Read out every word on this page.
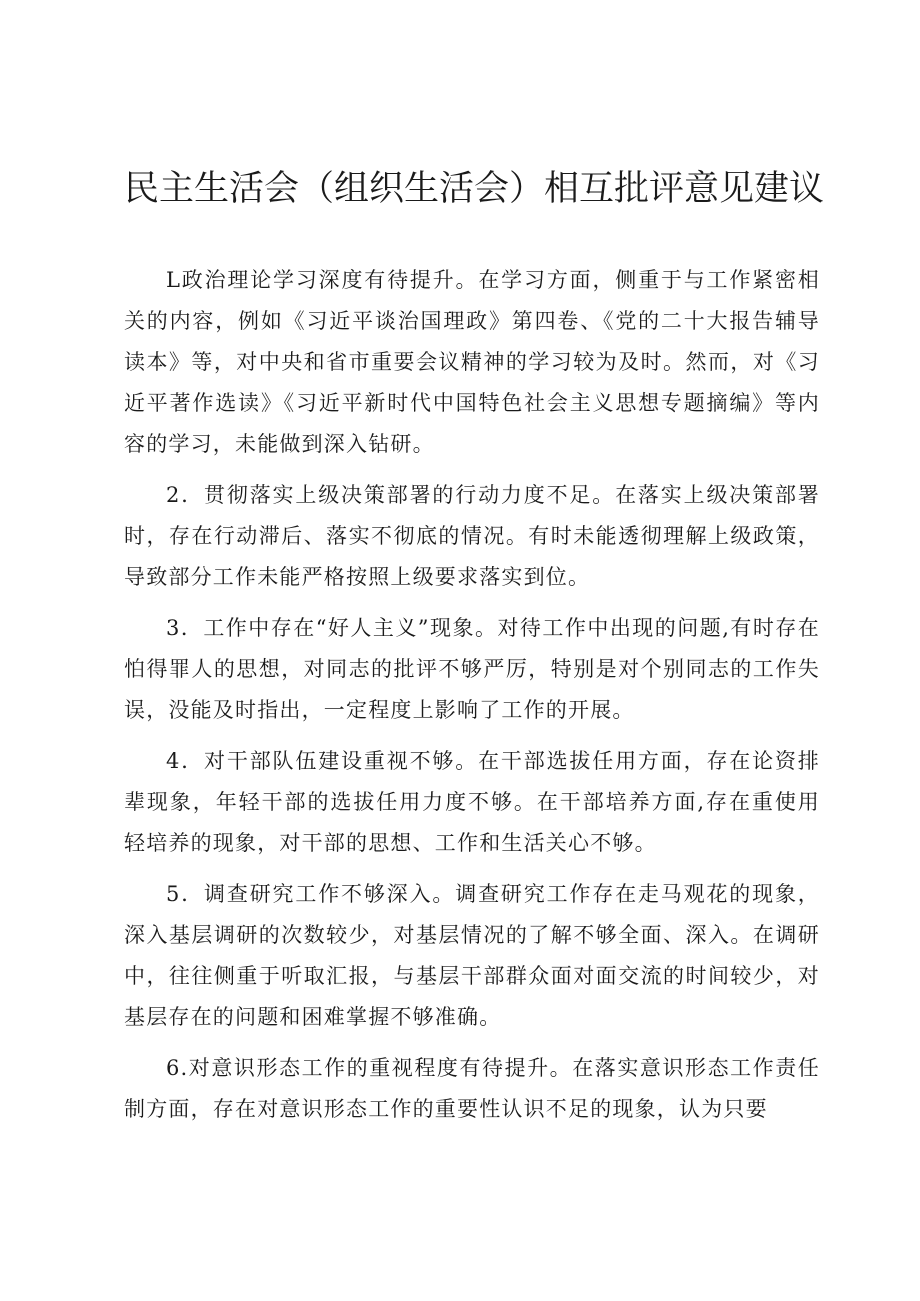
民主生活会（组织生活会）相互批评意见建议

L政治理论学习深度有待提升。在学习方面，侧重于与工作紧密相关的内容，例如《习近平谈治国理政》第四卷、《党的二十大报告辅导读本》等，对中央和省市重要会议精神的学习较为及时。然而，对《习近平著作选读》《习近平新时代中国特色社会主义思想专题摘编》等内容的学习，未能做到深入钻研。

2．贯彻落实上级决策部署的行动力度不足。在落实上级决策部署时，存在行动滞后、落实不彻底的情况。有时未能透彻理解上级政策，导致部分工作未能严格按照上级要求落实到位。

3．工作中存在“好人主义”现象。对待工作中出现的问题,有时存在怕得罪人的思想，对同志的批评不够严厉，特别是对个别同志的工作失误，没能及时指出，一定程度上影响了工作的开展。

4．对干部队伍建设重视不够。在干部选拔任用方面，存在论资排辈现象，年轻干部的选拔任用力度不够。在干部培养方面,存在重使用轻培养的现象，对干部的思想、工作和生活关心不够。

5．调查研究工作不够深入。调查研究工作存在走马观花的现象，深入基层调研的次数较少，对基层情况的了解不够全面、深入。在调研中，往往侧重于听取汇报，与基层干部群众面对面交流的时间较少，对基层存在的问题和困难掌握不够准确。

6.对意识形态工作的重视程度有待提升。在落实意识形态工作责任制方面，存在对意识形态工作的重要性认识不足的现象，认为只要
